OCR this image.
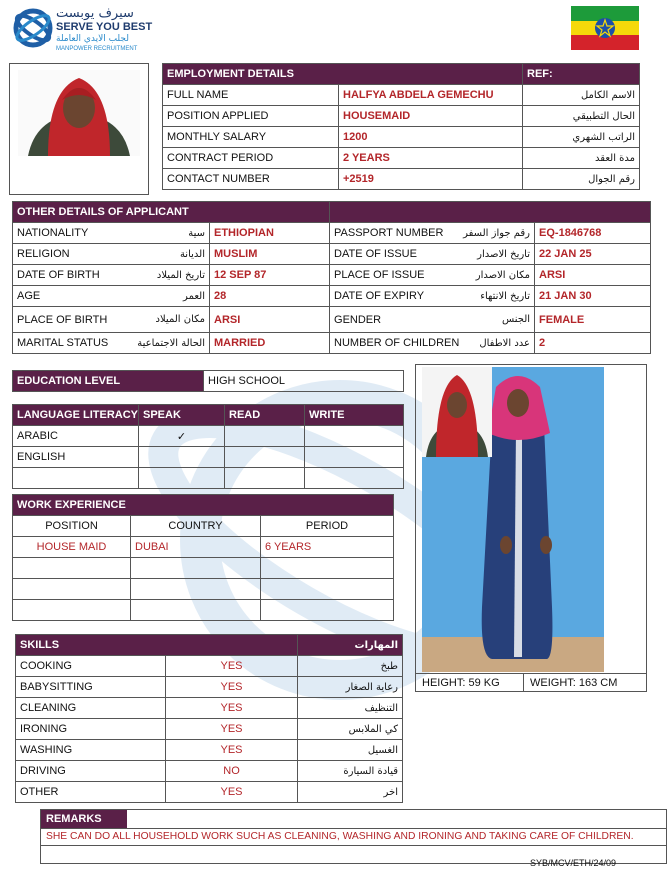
سيرف يوبست
SERVE YOU BEST
لجلب الايدي العاملة
MANPOWER RECRUITMENT
EMPLOYMENT DETAILS		REF:
FULL NAME	HALFYA ABDELA GEMECHU	الاسم الكامل
POSITION APPLIED	HOUSEMAID	الحال التطبيقي
MONTHLY SALARY	1200	الراتب الشهري
CONTRACT PERIOD	2 YEARS	مدة العقد
CONTACT NUMBER	+2519	رقم الجوال
OTHER DETAILS OF APPLICANT			

NATIONALITY سية	ETHIOPIAN	PASSPORT NUMBER رقم جواز السفر	EQ-1846768

RELIGION الديانة	MUSLIM	DATE OF ISSUE تاريخ الاصدار	22 JAN 25

DATE OF BIRTH تاريخ الميلاد	12 SEP 87	PLACE OF ISSUE مكان الاصدار	ARSI

AGE العمر	28	DATE OF EXPIRY تاريخ الانتهاء	21 JAN 30

PLACE OF BIRTH مكان الميلاد	ARSI	GENDER الجنس	FEMALE

MARITAL STATUS الحالة الاجتماعية	MARRIED	NUMBER OF CHILDREN عدد الاطفال	2
EDUCATION LEVEL	HIGH SCHOOL
LANGUAGE LITERACY	SPEAK	READ	WRITE
ARABIC	✓		
ENGLISH			

WORK EXPERIENCE		
POSITION	COUNTRY	PERIOD
HOUSE MAID	DUBAI	6 YEARS

SKILLS		المهارات
COOKING	YES	طبخ
BABYSITTING	YES	رعاية الصغار
CLEANING	YES	التنظيف
IRONING	YES	كي الملابس
WASHING	YES	الغسيل
DRIVING	NO	قيادة السيارة
OTHER	YES	اخر
HEIGHT: 59 KG	WEIGHT: 163 CM
REMARKS
SHE CAN DO ALL HOUSEHOLD WORK SUCH AS CLEANING, WASHING AND IRONING AND TAKING CARE OF CHILDREN.
SYB/MCV/ETH/24/09
